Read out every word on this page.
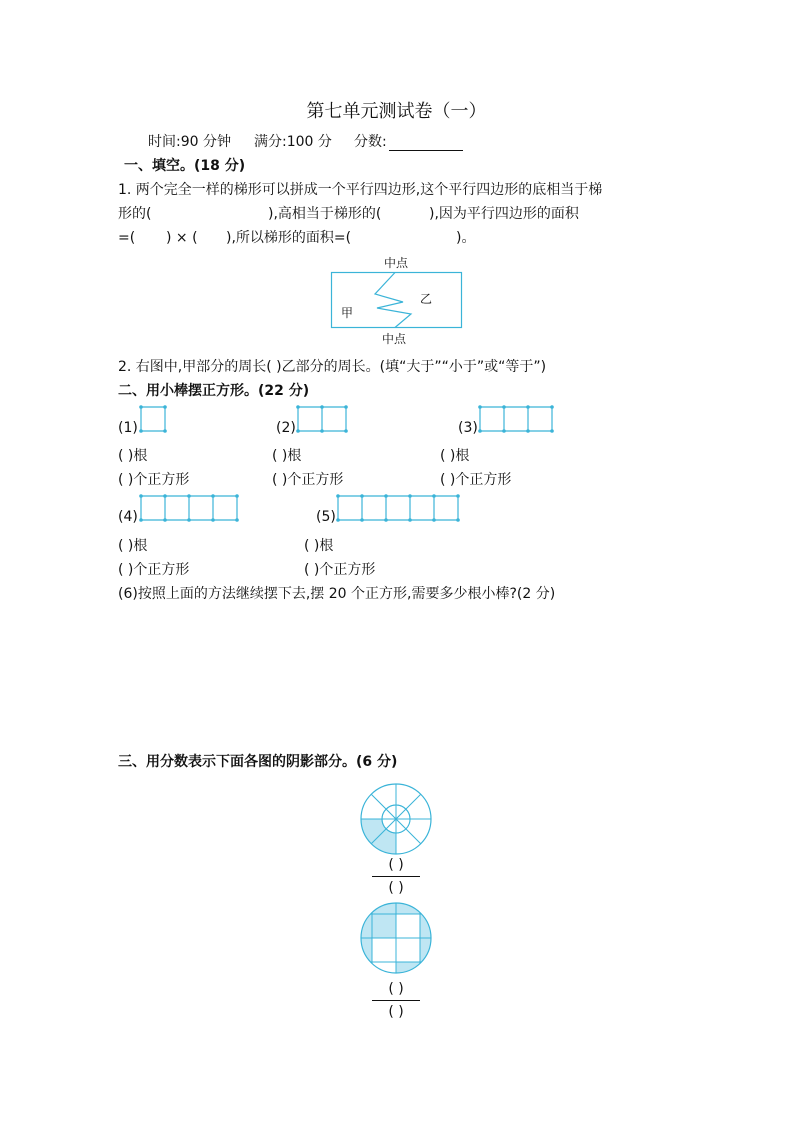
第七单元测试卷（一）
时间:90 分钟 满分:100 分 分数:
一、填空。(18 分)
1. 两个完全一样的梯形可以拼成一个平行四边形,这个平行四边形的底相当于梯
形的(	),高相当于梯形的(	),因为平行四边形的面积
=( ) × ( ),所以梯形的面积=(	)。
中点
甲
乙
中点
2. 右图中,甲部分的周长( )乙部分的周长。(填“大于”“小于”或“等于”)
二、用小棒摆正方形。(22 分)
(1)	(2)	(3)
( )根	( )根	( )根
( )个正方形	( )个正方形	( )个正方形
(4)	(5)
( )根	( )根
( )个正方形	( )个正方形
(6)按照上面的方法继续摆下去,摆 20 个正方形,需要多少根小棒?(2 分)
三、用分数表示下面各图的阴影部分。(6 分)
( )
( )
( )
( )
